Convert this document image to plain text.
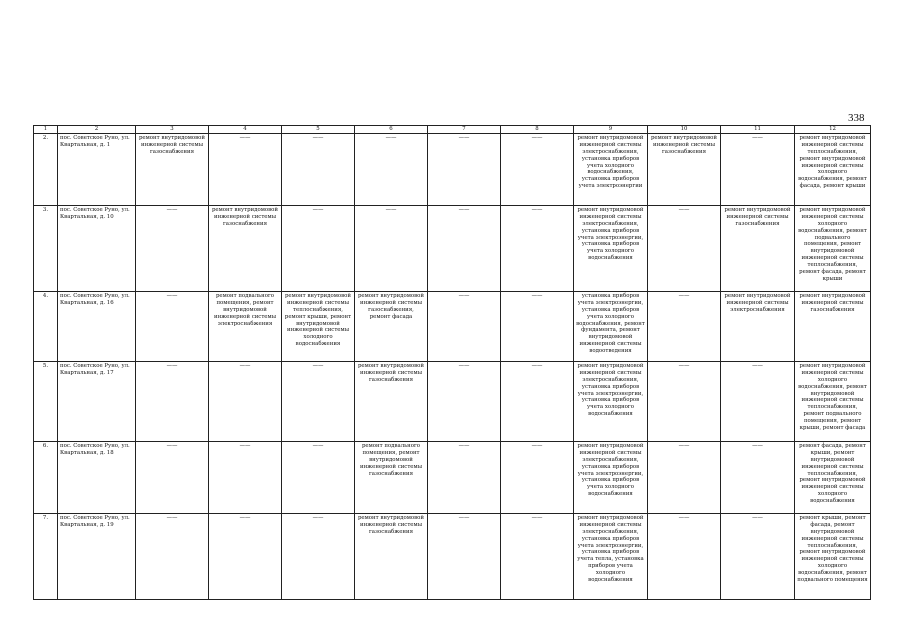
338
1	2	3	4	5	6	7	8	9	10	11	12
2.	пос. Советское Руно, ул. Квартальная, д. 1	ремонт внутридомовой инженерной системы газоснабжения	——	——	——	——	——	ремонт внутридомовой инженерной системы электроснабжения, установка приборов учета холодного водоснабжения, установка приборов учета электроэнергии	ремонт внутридомовой инженерной системы газоснабжения	——	ремонт внутридомовой инженерной системы теплоснабжения, ремонт внутридомовой инженерной системы холодного водоснабжения, ремонт фасада, ремонт крыши
3.	пос. Советское Руно, ул. Квартальная, д. 10	——	ремонт внутридомовой инженерной системы газоснабжения	——	——	——	——	ремонт внутридомовой инженерной системы электроснабжения, установка приборов учета электроэнергии, установка приборов учета холодного водоснабжения	——	ремонт внутридомовой инженерной системы газоснабжения	ремонт внутридомовой инженерной системы холодного водоснабжения, ремонт подвального помещения, ремонт внутридомовой инженерной системы теплоснабжения, ремонт фасада, ремонт крыши
4.	пос. Советское Руно, ул. Квартальная, д. 16	——	ремонт подвального помещения, ремонт внутридомовой инженерной системы электроснабжения	ремонт внутридомовой инженерной системы теплоснабжения, ремонт крыши, ремонт внутридомовой инженерной системы холодного водоснабжения	ремонт внутридомовой инженерной системы газоснабжения, ремонт фасада	——	——	установка приборов учета электроэнергии, установка приборов учета холодного водоснабжения, ремонт фундамента, ремонт внутридомовой инженерной системы водоотведения	——	ремонт внутридомовой инженерной системы электроснабжения	ремонт внутридомовой инженерной системы газоснабжения
5.	пос. Советское Руно, ул. Квартальная, д. 17	——	——	——	ремонт внутридомовой инженерной системы газоснабжения	——	——	ремонт внутридомовой инженерной системы электроснабжения, установка приборов учета электроэнергии, установка приборов учета холодного водоснабжения	——	——	ремонт внутридомовой инженерной системы холодного водоснабжения, ремонт внутридомовой инженерной системы теплоснабжения, ремонт подвального помещения, ремонт крыши, ремонт фасада
6.	пос. Советское Руно, ул. Квартальная, д. 18	——	——	——	ремонт подвального помещения, ремонт внутридомовой инженерной системы газоснабжения	——	——	ремонт внутридомовой инженерной системы электроснабжения, установка приборов учета электроэнергии, установка приборов учета холодного водоснабжения	——	——	ремонт фасада, ремонт крыши, ремонт внутридомовой инженерной системы теплоснабжения, ремонт внутридомовой инженерной системы холодного водоснабжения
7.	пос. Советское Руно, ул. Квартальная, д. 19	——	——	——	ремонт внутридомовой инженерной системы газоснабжения	——	——	ремонт внутридомовой инженерной системы электроснабжения, установка приборов учета электроэнергии, установка приборов учета тепла, установка приборов учета холодного водоснабжения	——	——	ремонт крыши, ремонт фасада, ремонт внутридомовой инженерной системы теплоснабжения, ремонт внутридомовой инженерной системы холодного водоснабжения, ремонт подвального помещения
